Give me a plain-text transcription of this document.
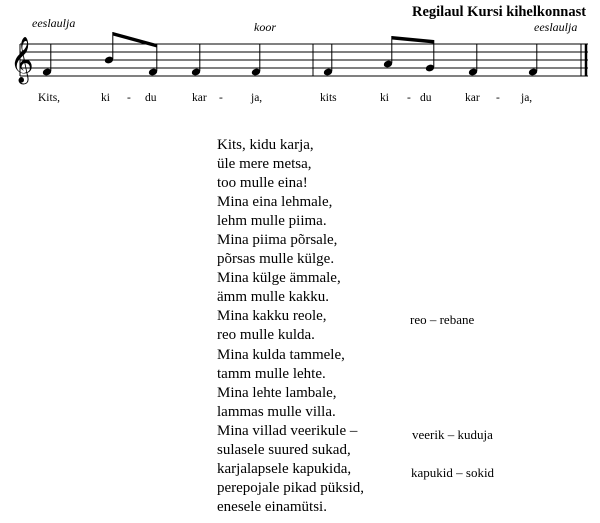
Regilaul Kursi kihelkonnast
eeslaulja	koor	eeslaulja
𝄞
Kits,	ki - du	kar - ja,	kits	ki - du	kar - ja,
Kits, kidu karja,
üle mere metsa,
too mulle eina!
Mina eina lehmale,
lehm mulle piima.
Mina piima põrsale,
põrsas mulle külge.
Mina külge ämmale,
ämm mulle kakku.
Mina kakku reole,
reo mulle kulda.
Mina kulda tammele,
tamm mulle lehte.
Mina lehte lambale,
lammas mulle villa.
Mina villad veerikule –
sulasele suured sukad,
karjalapsele kapukida,
perepojale pikad püksid,
enesele einamütsi.
reo – rebane
veerik – kuduja
kapukid – sokid
